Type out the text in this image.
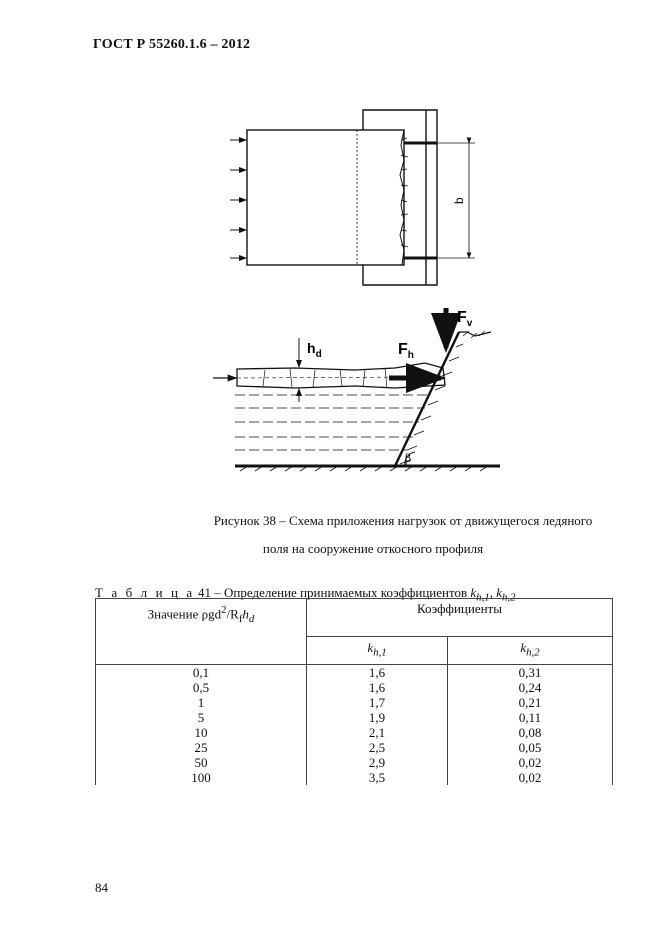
ГОСТ Р 55260.1.6 – 2012
b
$h_d$	$F_h$
$F_v$
β
Рисунок 38 – Схема приложения нагрузок от движущегося ледяного
поля на сооружение откосного профиля
Т а б л и ц а 41 – Определение принимаемых коэффициентов $k_{h,1}$, $k_{h,2}$
Значение $\rho gd^2/R_fh_d$	Коэффициенты	
	$k_{h,1}$	$k_{h,2}$
0,1	1,6	0,31
0,5	1,6	0,24
1	1,7	0,21
5	1,9	0,11
10	2,1	0,08
25	2,5	0,05
50	2,9	0,02
100	3,5	0,02
84
